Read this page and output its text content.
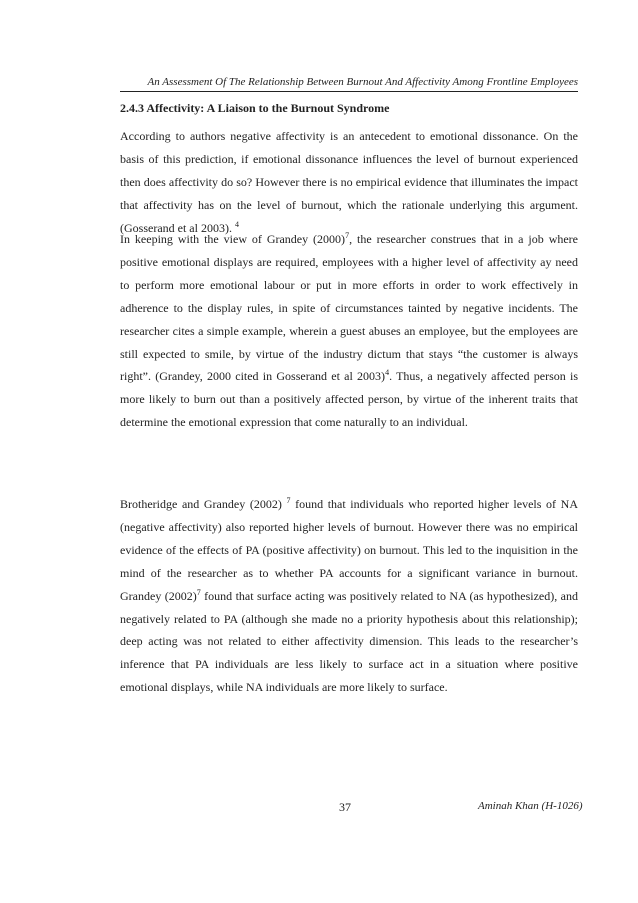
An Assessment Of The Relationship Between Burnout And Affectivity Among Frontline Employees
2.4.3 Affectivity: A Liaison to the Burnout Syndrome

According to authors negative affectivity is an antecedent to emotional dissonance. On the basis of this prediction, if emotional dissonance influences the level of burnout experienced then does affectivity do so? However there is no empirical evidence that illuminates the impact that affectivity has on the level of burnout, which the rationale underlying this argument. (Gosserand et al 2003). $^4$

In keeping with the view of Grandey $(2000)^7$, the researcher construes that in a job where positive emotional displays are required, employees with a higher level of affectivity ay need to perform more emotional labour or put in more efforts in order to work effectively in adherence to the display rules, in spite of circumstances tainted by negative incidents. The researcher cites a simple example, wherein a guest abuses an employee, but the employees are still expected to smile, by virtue of the industry dictum that stays “the customer is always right”. (Grandey, 2000 cited in Gosserand et al 2003)$^4$. Thus, a negatively affected person is more likely to burn out than a positively affected person, by virtue of the inherent traits that determine the emotional expression that come naturally to an individual.

Brotheridge and Grandey (2002) $^7$ found that individuals who reported higher levels of NA (negative affectivity) also reported higher levels of burnout. However there was no empirical evidence of the effects of PA (positive affectivity) on burnout. This led to the inquisition in the mind of the researcher as to whether PA accounts for a significant variance in burnout. Grandey $(2002)^7$ found that surface acting was positively related to NA (as hypothesized), and negatively related to PA (although she made no a priority hypothesis about this relationship); deep acting was not related to either affectivity dimension. This leads to the researcher’s inference that PA individuals are less likely to surface act in a situation where positive emotional displays, while NA individuals are more likely to surface.

37	Aminah Khan (H-1026)
